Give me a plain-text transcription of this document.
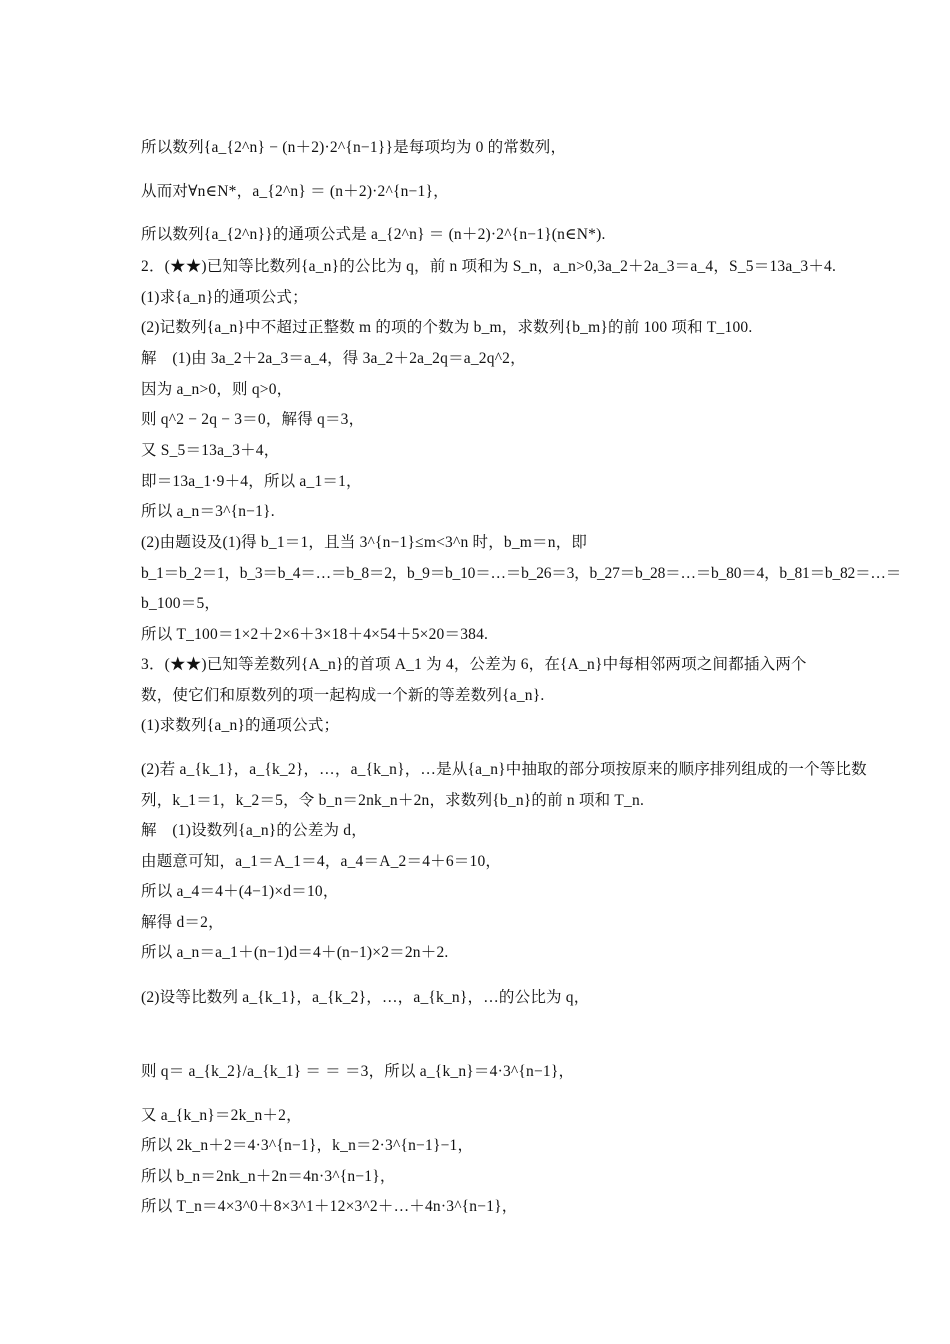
所以数列{a_{2^n} − (n＋2)·2^{n−1}}是每项均为 0 的常数列，
从而对∀n∈N*，a_{2^n} ＝ (n＋2)·2^{n−1}，
所以数列{a_{2^n}}的通项公式是 a_{2^n} ＝ (n＋2)·2^{n−1}(n∈N*).
2．(★★)已知等比数列{a_n}的公比为 q，前 n 项和为 S_n，a_n>0,3a_2＋2a_3＝a_4，S_5＝13a_3＋4.
(1)求{a_n}的通项公式；
(2)记数列{a_n}中不超过正整数 m 的项的个数为 b_m，求数列{b_m}的前 100 项和 T_100.
解　(1)由 3a_2＋2a_3＝a_4，得 3a_2＋2a_2q＝a_2q^2，
因为 a_n>0，则 q>0，
则 q^2 − 2q − 3＝0，解得 q＝3，
又 S_5＝13a_3＋4，
即＝13a_1·9＋4，所以 a_1＝1，
所以 a_n＝3^{n−1}.
(2)由题设及(1)得 b_1＝1，且当 3^{n−1}≤m<3^n 时，b_m＝n，即
b_1＝b_2＝1，b_3＝b_4＝…＝b_8＝2，b_9＝b_10＝…＝b_26＝3，b_27＝b_28＝…＝b_80＝4，b_81＝b_82＝…＝
b_100＝5，
所以 T_100＝1×2＋2×6＋3×18＋4×54＋5×20＝384.
3．(★★)已知等差数列{A_n}的首项 A_1 为 4，公差为 6，在{A_n}中每相邻两项之间都插入两个
数，使它们和原数列的项一起构成一个新的等差数列{a_n}.
(1)求数列{a_n}的通项公式；
(2)若 a_{k_1}，a_{k_2}，…，a_{k_n}，…是从{a_n}中抽取的部分项按原来的顺序排列组成的一个等比数
列，k_1＝1，k_2＝5，令 b_n＝2nk_n＋2n，求数列{b_n}的前 n 项和 T_n.
解　(1)设数列{a_n}的公差为 d，
由题意可知，a_1＝A_1＝4，a_4＝A_2＝4＋6＝10，
所以 a_4＝4＋(4−1)×d＝10，
解得 d＝2，
所以 a_n＝a_1＋(n−1)d＝4＋(n−1)×2＝2n＋2.
(2)设等比数列 a_{k_1}，a_{k_2}，…，a_{k_n}，…的公比为 q，
则 q＝ a_{k_2}/a_{k_1} ＝ ＝ ＝3，所以 a_{k_n}＝4·3^{n−1}，
又 a_{k_n}＝2k_n＋2，
所以 2k_n＋2＝4·3^{n−1}，k_n＝2·3^{n−1}−1，
所以 b_n＝2nk_n＋2n＝4n·3^{n−1}，
所以 T_n＝4×3^0＋8×3^1＋12×3^2＋…＋4n·3^{n−1}，
